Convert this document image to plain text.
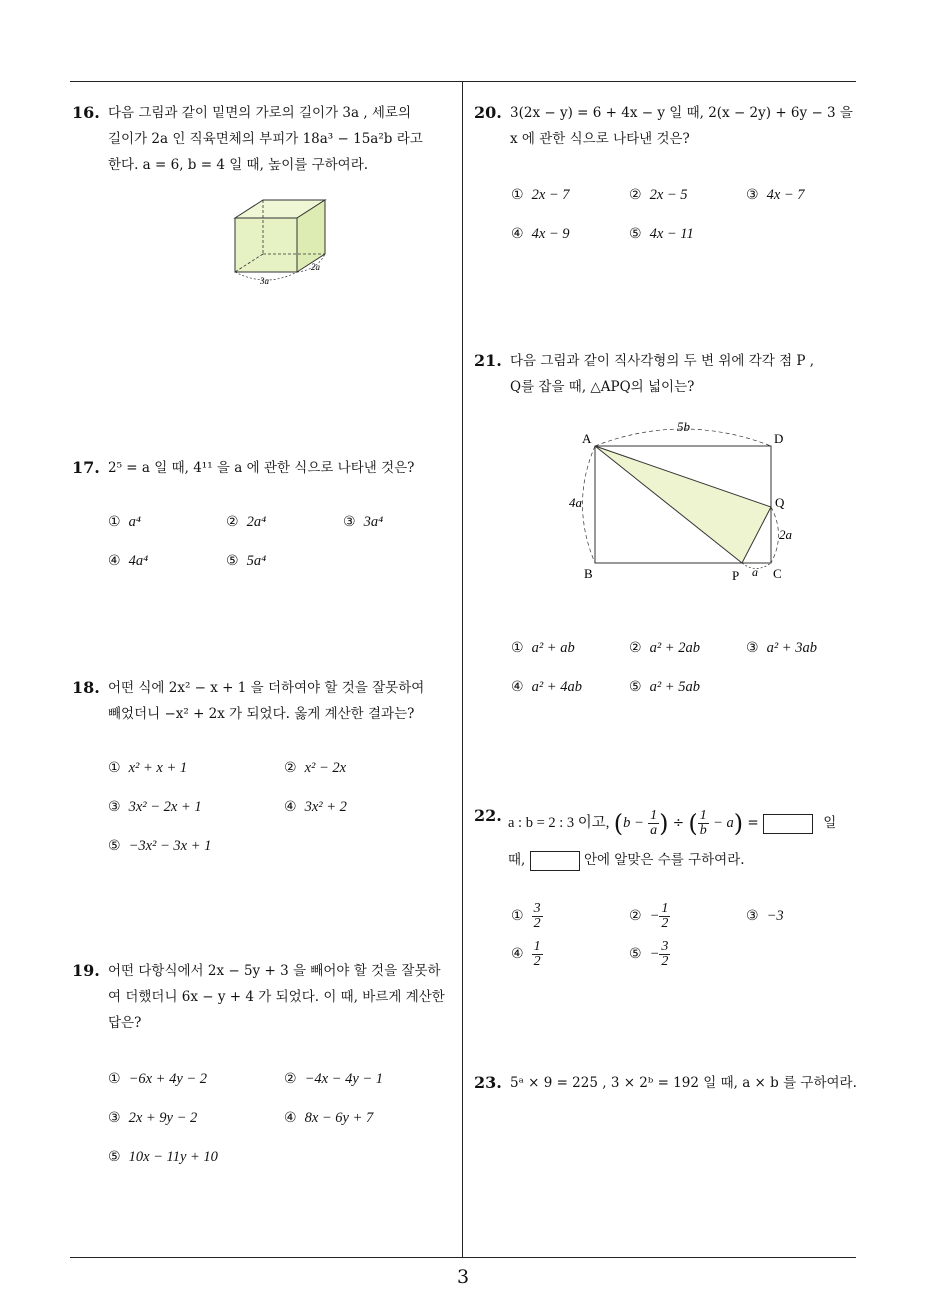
16. 다음 그림과 같이 밑면의 가로의 길이가 3a , 세로의
길이가 2a 인 직육면체의 부피가 18a³ − 15a²b 라고
한다. a = 6, b = 4 일 때, 높이를 구하여라.
3a
2a
17. 2⁵ = a 일 때, 4¹¹ 을 a 에 관한 식으로 나타낸 것은?
① a⁴	② 2a⁴	③ 3a⁴
④ 4a⁴	⑤ 5a⁴
18. 어떤 식에 2x² − x + 1 을 더하여야 할 것을 잘못하여
빼었더니 −x² + 2x 가 되었다. 옳게 계산한 결과는?
① x² + x + 1	② x² − 2x
③ 3x² − 2x + 1	④ 3x² + 2
⑤ −3x² − 3x + 1
19. 어떤 다항식에서 2x − 5y + 3 을 빼어야 할 것을 잘못하
여 더했더니 6x − y + 4 가 되었다. 이 때, 바르게 계산한
답은?
① −6x + 4y − 2	② −4x − 4y − 1
③ 2x + 9y − 2	④ 8x − 6y + 7
⑤ 10x − 11y + 10
20. 3(2x − y) = 6 + 4x − y 일 때, 2(x − 2y) + 6y − 3 을
x 에 관한 식으로 나타낸 것은?
① 2x − 7	② 2x − 5	③ 4x − 7
④ 4x − 9	⑤ 4x − 11
21. 다음 그림과 같이 직사각형의 두 변 위에 각각 점 P ,
Q를 잡을 때, △APQ의 넓이는?
A	D
B	C
P
Q
5b
4a
2a
a
① a² + ab	② a² + 2ab	③ a² + 3ab
④ a² + 4ab	⑤ a² + 5ab
22. a : b = 2 : 3 이고, ($b - \frac{1}{a}$ ) ÷ ( $\frac{1}{b} - a$) =	일
때,	안에 알맞은 수를 구하여라.
① $\frac{3}{2}$	② − $\frac{1}{2}$	③ −3
④ $\frac{1}{2}$	⑤ − $\frac{3}{2}$
23. 5ᵃ × 9 = 225 , 3 × 2ᵇ = 192 일 때, a × b 를 구하여라.
3
